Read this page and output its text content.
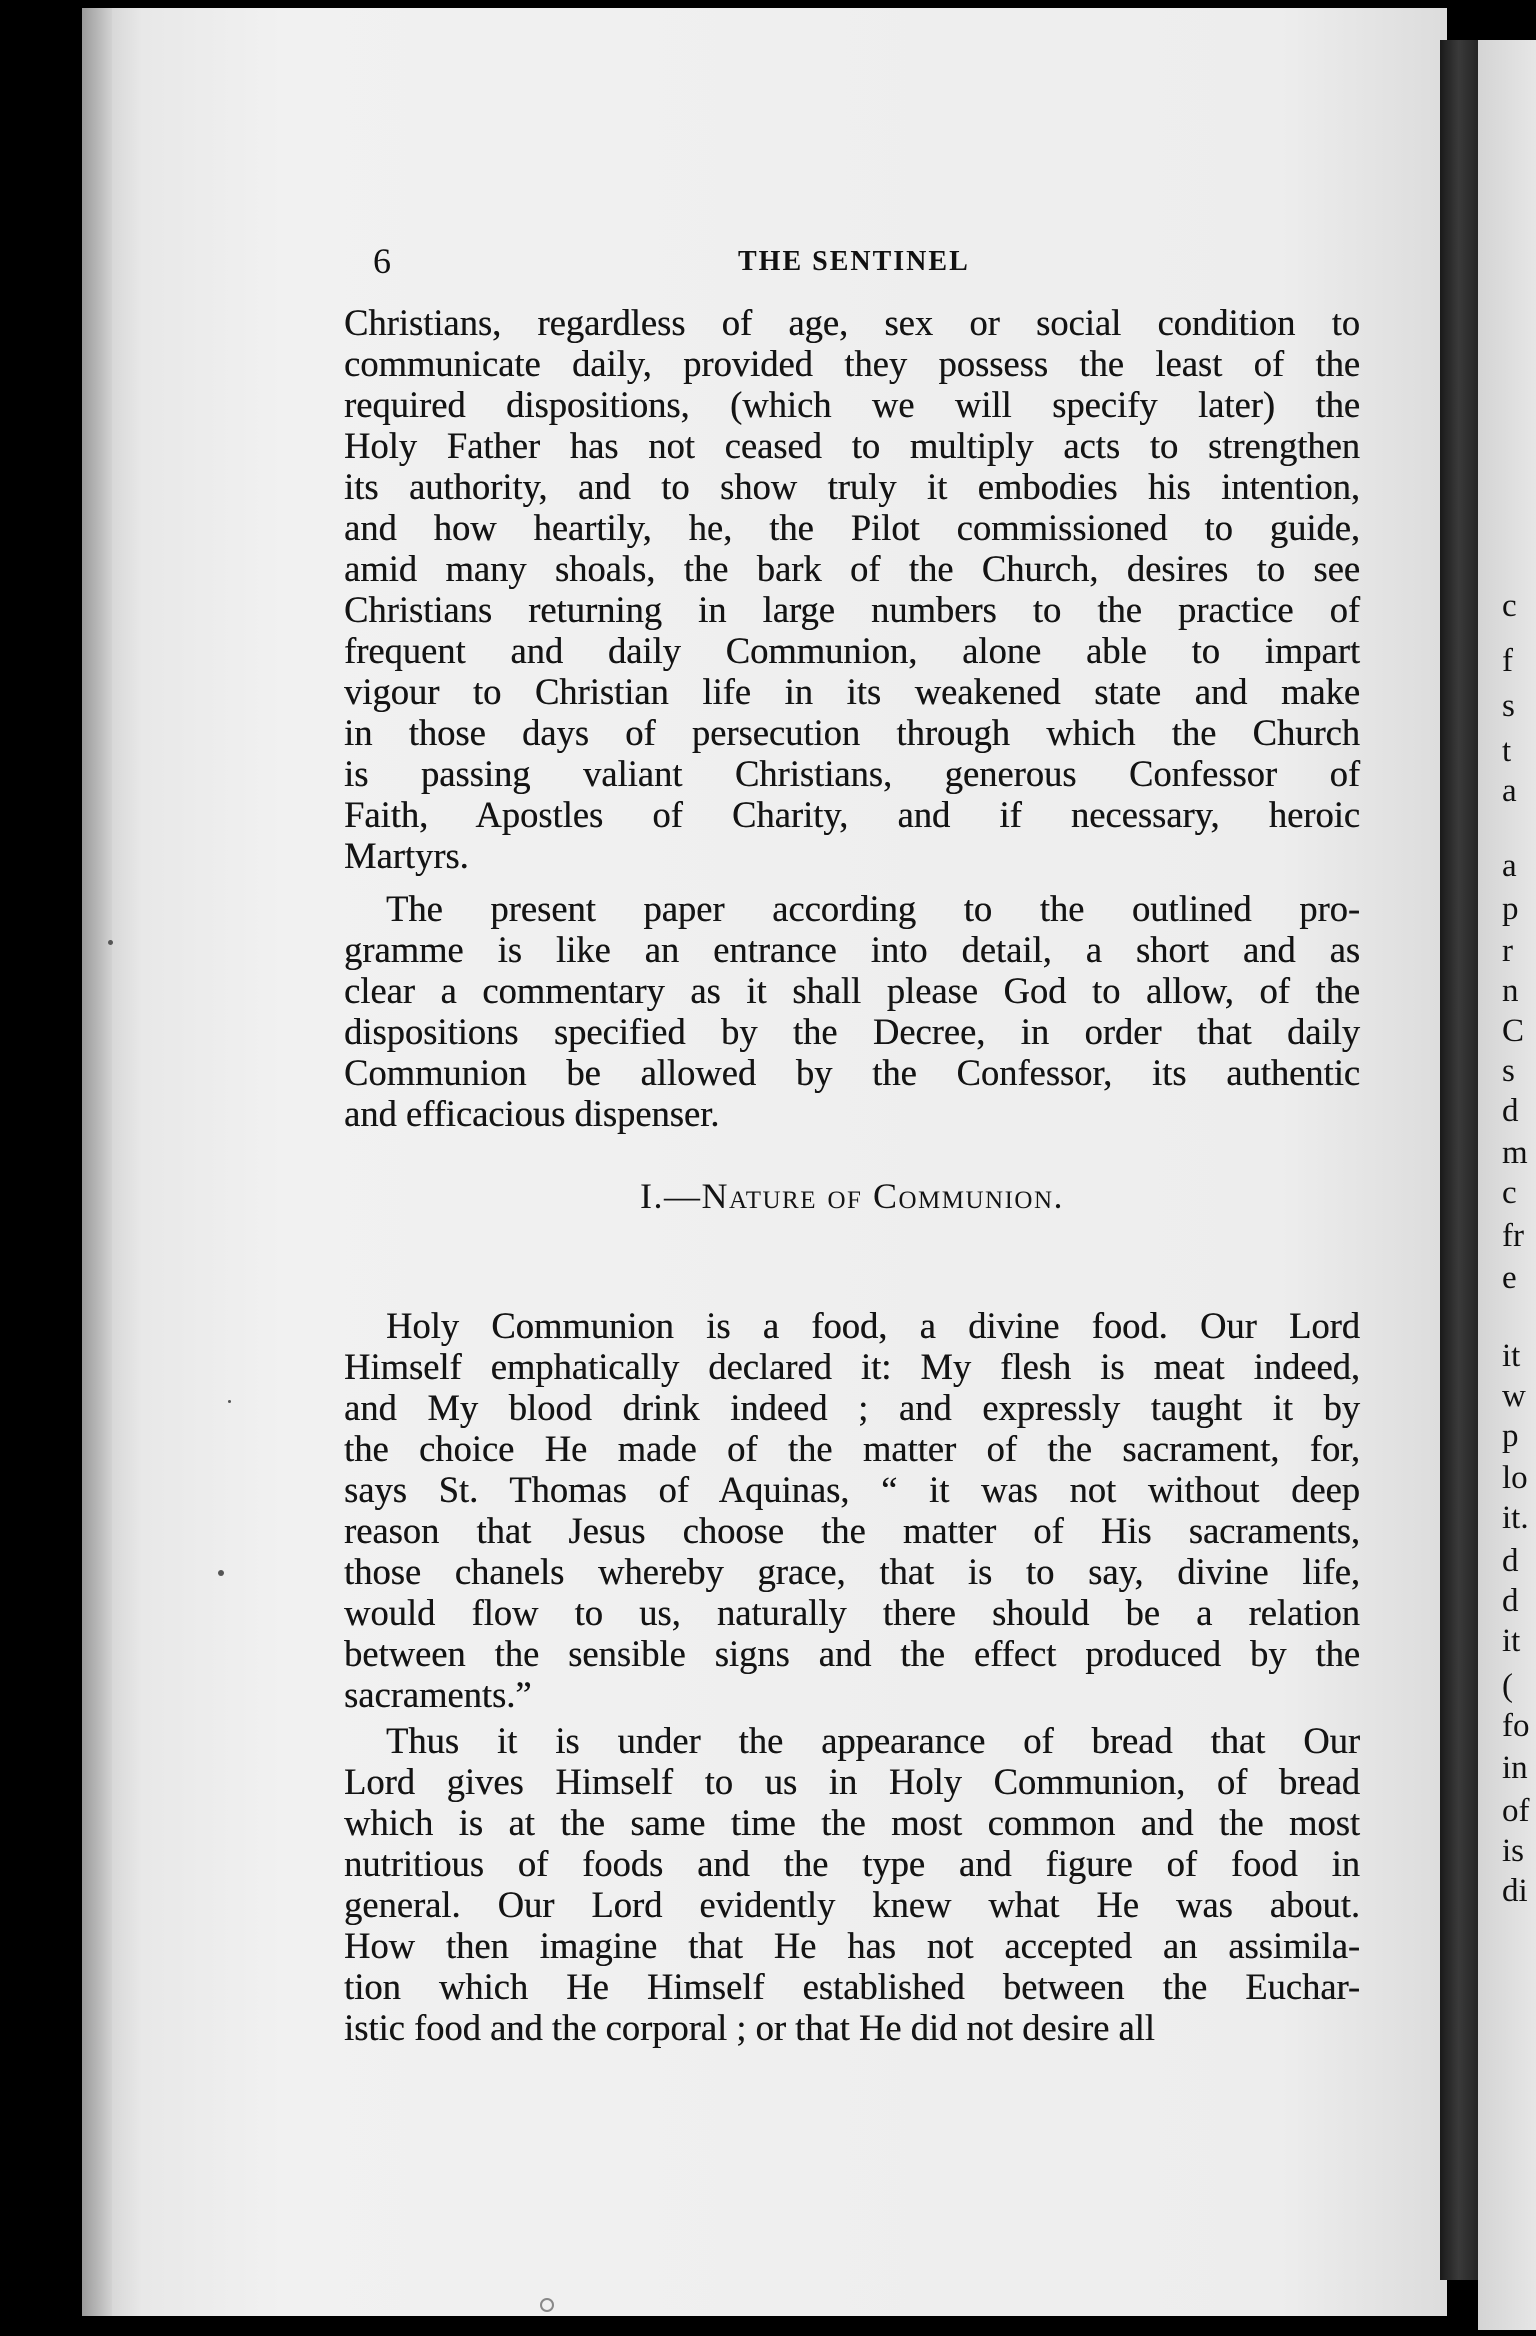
c
f
s
t
a
a
p
r
n
C
s
d
m
c
fr
e
it
w
p
lo
it.
d
d
it
(
fo
in
of
is
di
6	THE SENTINEL
Christians, regardless of age, sex or social condition to
communicate daily, provided they possess the least of the
required dispositions, (which we will specify later) the
Holy Father has not ceased to multiply acts to strengthen
its authority, and to show truly it embodies his intention,
and how heartily, he, the Pilot commissioned to guide,
amid many shoals, the bark of the Church, desires to see
Christians returning in large numbers to the practice of
frequent and daily Communion, alone able to impart
vigour to Christian life in its weakened state and make
in those days of persecution through which the Church
is passing valiant Christians, generous Confessor of
Faith, Apostles of Charity, and if necessary, heroic
Martyrs.
The present paper according to the outlined pro-
gramme is like an entrance into detail, a short and as
clear a commentary as it shall please God to allow, of the
dispositions specified by the Decree, in order that daily
Communion be allowed by the Confessor, its authentic
and efficacious dispenser.
I.—Nature of Communion.
Holy Communion is a food, a divine food. Our Lord
Himself emphatically declared it: My flesh is meat indeed,
and My blood drink indeed ; and expressly taught it by
the choice He made of the matter of the sacrament, for,
says St. Thomas of Aquinas, “ it was not without deep
reason that Jesus choose the matter of His sacraments,
those chanels whereby grace, that is to say, divine life,
would flow to us, naturally there should be a relation
between the sensible signs and the effect produced by the
sacraments.”
Thus it is under the appearance of bread that Our
Lord gives Himself to us in Holy Communion, of bread
which is at the same time the most common and the most
nutritious of foods and the type and figure of food in
general. Our Lord evidently knew what He was about.
How then imagine that He has not accepted an assimila-
tion which He Himself established between the Euchar-
istic food and the corporal ; or that He did not desire all
